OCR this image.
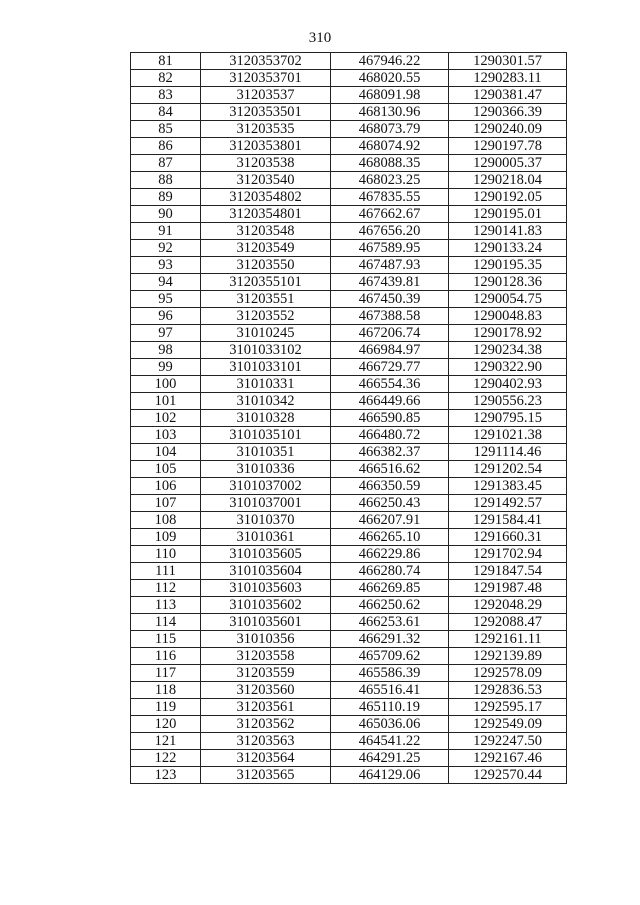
310
81	3120353702	467946.22	1290301.57
82	3120353701	468020.55	1290283.11
83	31203537	468091.98	1290381.47
84	3120353501	468130.96	1290366.39
85	31203535	468073.79	1290240.09
86	3120353801	468074.92	1290197.78
87	31203538	468088.35	1290005.37
88	31203540	468023.25	1290218.04
89	3120354802	467835.55	1290192.05
90	3120354801	467662.67	1290195.01
91	31203548	467656.20	1290141.83
92	31203549	467589.95	1290133.24
93	31203550	467487.93	1290195.35
94	3120355101	467439.81	1290128.36
95	31203551	467450.39	1290054.75
96	31203552	467388.58	1290048.83
97	31010245	467206.74	1290178.92
98	3101033102	466984.97	1290234.38
99	3101033101	466729.77	1290322.90
100	31010331	466554.36	1290402.93
101	31010342	466449.66	1290556.23
102	31010328	466590.85	1290795.15
103	3101035101	466480.72	1291021.38
104	31010351	466382.37	1291114.46
105	31010336	466516.62	1291202.54
106	3101037002	466350.59	1291383.45
107	3101037001	466250.43	1291492.57
108	31010370	466207.91	1291584.41
109	31010361	466265.10	1291660.31
110	3101035605	466229.86	1291702.94
111	3101035604	466280.74	1291847.54
112	3101035603	466269.85	1291987.48
113	3101035602	466250.62	1292048.29
114	3101035601	466253.61	1292088.47
115	31010356	466291.32	1292161.11
116	31203558	465709.62	1292139.89
117	31203559	465586.39	1292578.09
118	31203560	465516.41	1292836.53
119	31203561	465110.19	1292595.17
120	31203562	465036.06	1292549.09
121	31203563	464541.22	1292247.50
122	31203564	464291.25	1292167.46
123	31203565	464129.06	1292570.44
